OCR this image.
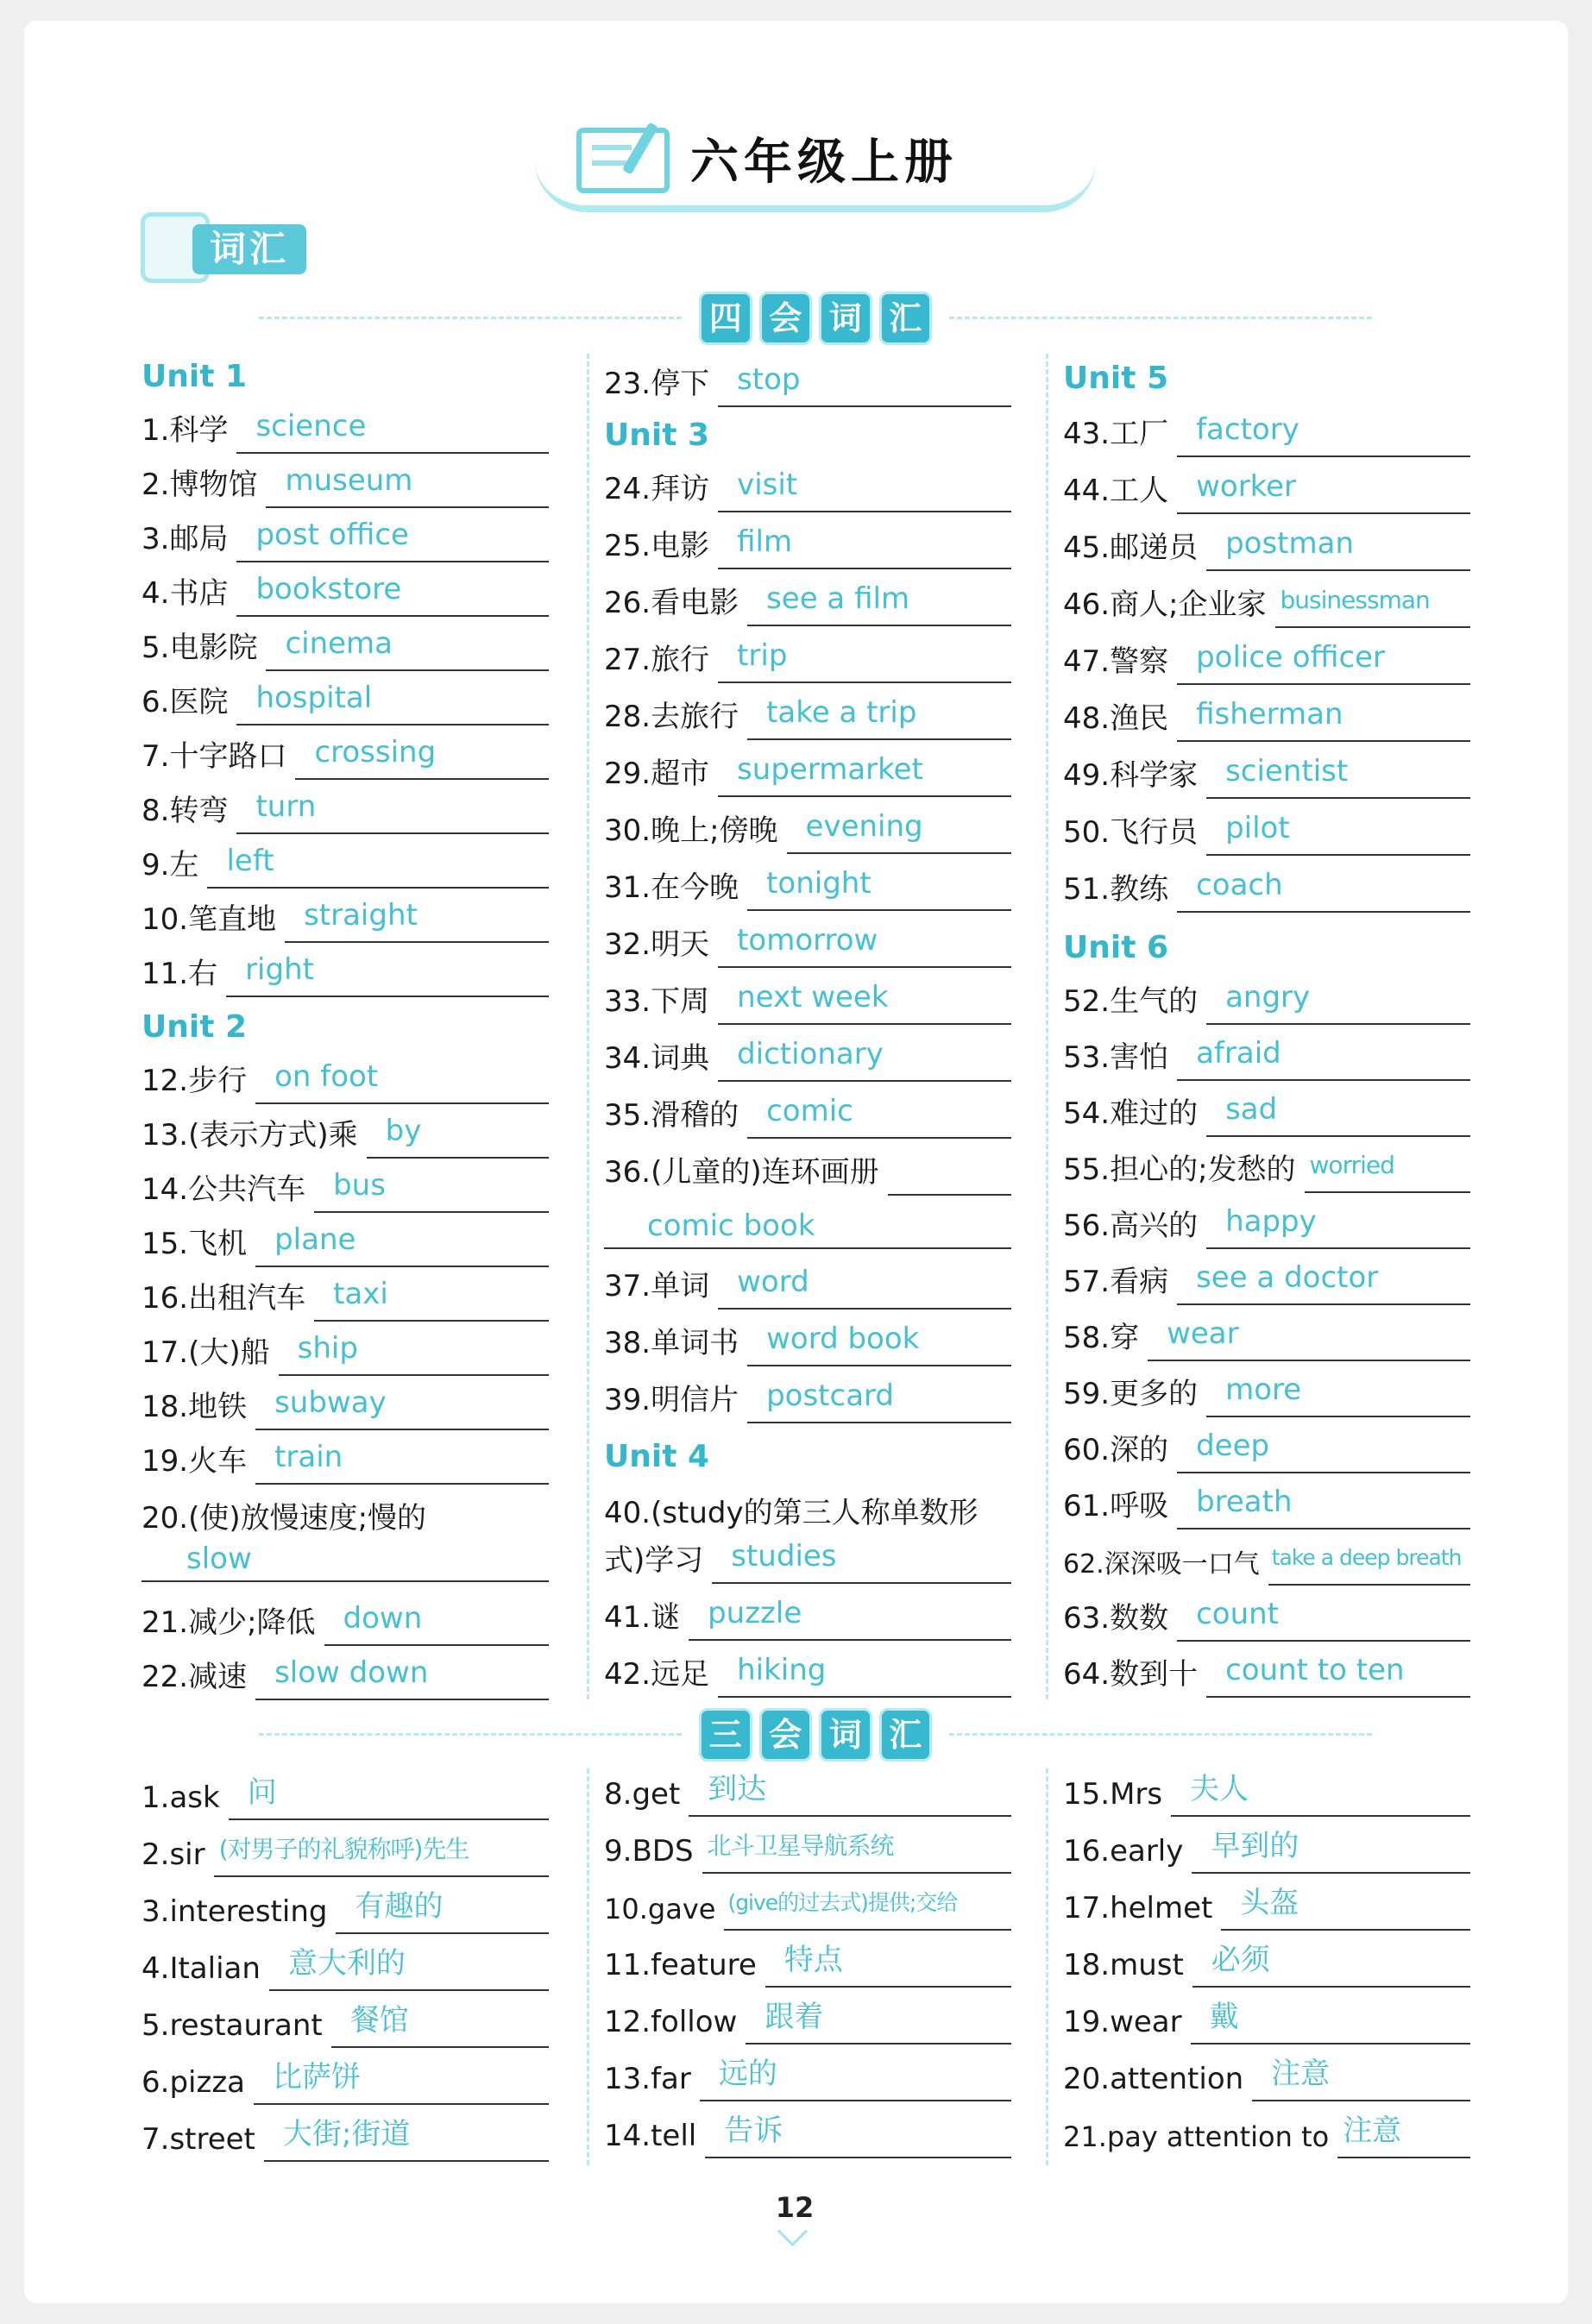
六年级上册
词汇
四 会 词 汇
Unit 1
1.科学 science
2.博物馆 museum
3.邮局 post office
4.书店 bookstore
5.电影院 cinema
6.医院 hospital
7.十字路口 crossing
8.转弯 turn
9.左 left
10.笔直地 straight
11.右 right
Unit 2
12.步行 on foot
13.(表示方式)乘 by
14.公共汽车 bus
15.飞机 plane
16.出租汽车 taxi
17.(大)船 ship
18.地铁 subway
19.火车 train
20.(使)放慢速度;慢的
slow
21.减少;降低 down
22.减速 slow down
23.停下 stop
Unit 3
24.拜访 visit
25.电影 film
26.看电影 see a film
27.旅行 trip
28.去旅行 take a trip
29.超市 supermarket
30.晚上;傍晚 evening
31.在今晚 tonight
32.明天 tomorrow
33.下周 next week
34.词典 dictionary
35.滑稽的 comic
36.(儿童的)连环画册
comic book
37.单词 word
38.单词书 word book
39.明信片 postcard
Unit 4
40.(study的第三人称单数形
式)学习 studies
41.谜 puzzle
42.远足 hiking
Unit 5
43.工厂 factory
44.工人 worker
45.邮递员 postman
46.商人;企业家 businessman
47.警察 police officer
48.渔民 fisherman
49.科学家 scientist
50.飞行员 pilot
51.教练 coach
Unit 6
52.生气的 angry
53.害怕 afraid
54.难过的 sad
55.担心的;发愁的 worried
56.高兴的 happy
57.看病 see a doctor
58.穿 wear
59.更多的 more
60.深的 deep
61.呼吸 breath
62.深深吸一口气 take a deep breath
63.数数 count
64.数到十 count to ten
三 会 词 汇
1.ask 问
2.sir (对男子的礼貌称呼)先生
3.interesting 有趣的
4.Italian 意大利的
5.restaurant 餐馆
6.pizza 比萨饼
7.street 大街;街道
8.get 到达
9.BDS 北斗卫星导航系统
10.gave (give的过去式)提供;交给
11.feature 特点
12.follow 跟着
13.far 远的
14.tell 告诉
15.Mrs 夫人
16.early 早到的
17.helmet 头盔
18.must 必须
19.wear 戴
20.attention 注意
21.pay attention to 注意
12
